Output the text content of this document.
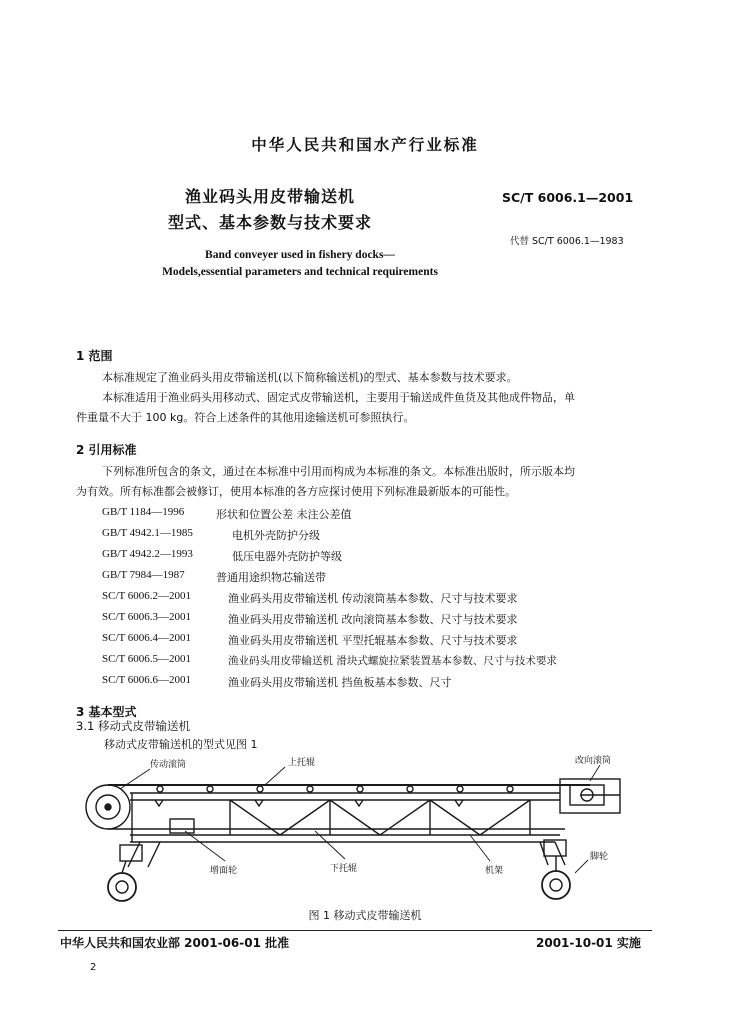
中华人民共和国水产行业标准
渔业码头用皮带输送机
型式、基本参数与技术要求
SC/T 6006.1—2001
代替 SC/T 6006.1—1983
Band conveyer used in fishery docks—
Models,essential parameters and technical requirements
1 范围
本标准规定了渔业码头用皮带输送机(以下简称输送机)的型式、基本参数与技术要求。
本标准适用于渔业码头用移动式、固定式皮带输送机，主要用于输送成件鱼货及其他成件物品，单
件重量不大于 100 kg。符合上述条件的其他用途输送机可参照执行。
2 引用标准
下列标准所包含的条文，通过在本标准中引用而构成为本标准的条文。本标准出版时，所示版本均
为有效。所有标准都会被修订，使用本标准的各方应探讨使用下列标准最新版本的可能性。
GB/T 1184—1996	形状和位置公差 未注公差值
GB/T 4942.1—1985	电机外壳防护分级
GB/T 4942.2—1993	低压电器外壳防护等级
GB/T 7984—1987	普通用途织物芯输送带
SC/T 6006.2—2001	渔业码头用皮带输送机 传动滚筒基本参数、尺寸与技术要求
SC/T 6006.3—2001	渔业码头用皮带输送机 改向滚筒基本参数、尺寸与技术要求
SC/T 6006.4—2001	渔业码头用皮带输送机 平型托辊基本参数、尺寸与技术要求
SC/T 6006.5—2001	渔业码头用皮带输送机 滑块式螺旋拉紧装置基本参数、尺寸与技术要求
SC/T 6006.6—2001	渔业码头用皮带输送机 挡鱼板基本参数、尺寸
3 基本型式
3.1 移动式皮带输送机
移动式皮带输送机的型式见图 1
传动滚筒	上托辊	改向滚筒
脚轮
增面轮	下托辊	机架
图 1 移动式皮带输送机
中华人民共和国农业部 2001-06-01 批准	2001-10-01 实施
2
